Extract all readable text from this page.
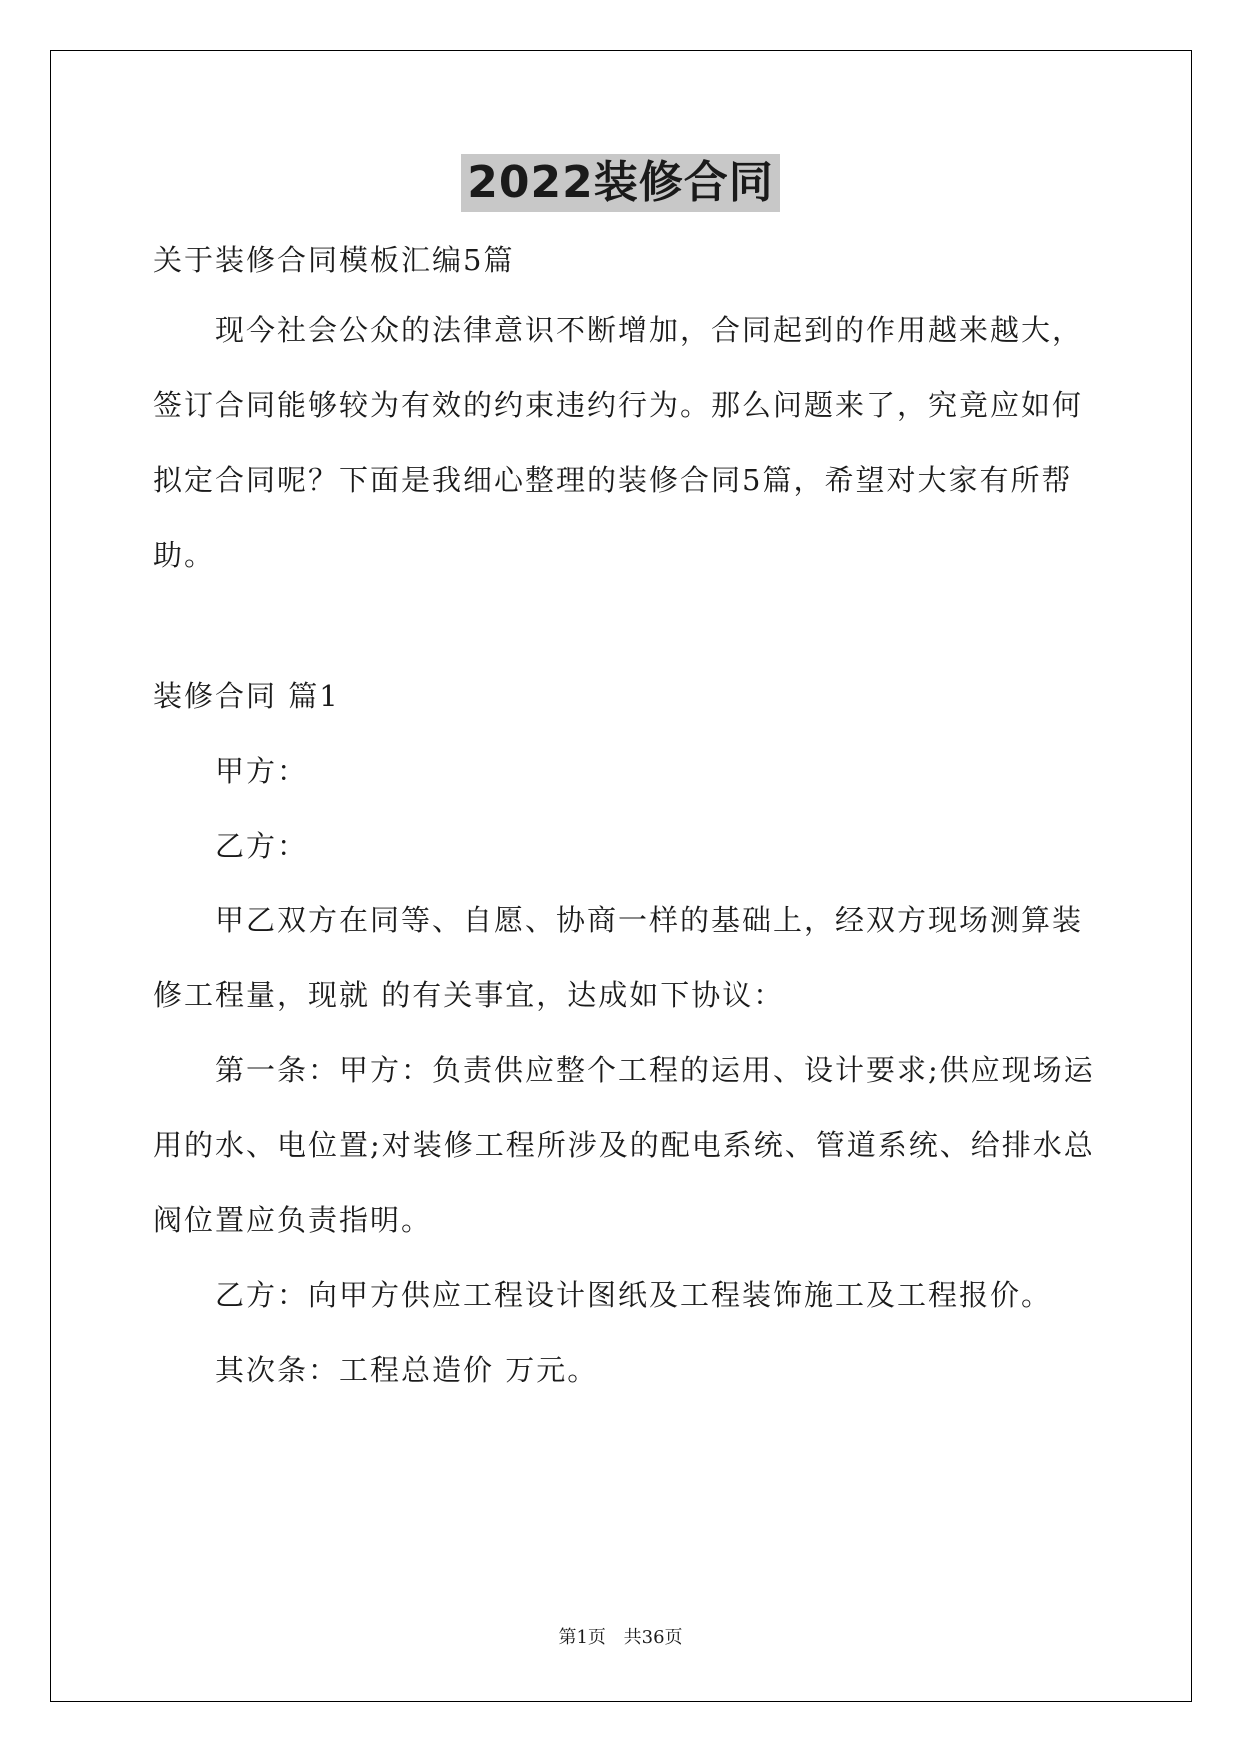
2022装修合同
关于装修合同模板汇编5篇
现今社会公众的法律意识不断增加，合同起到的作用越来越大，
签订合同能够较为有效的约束违约行为。那么问题来了，究竟应如何
拟定合同呢？下面是我细心整理的装修合同5篇，希望对大家有所帮
助。
装修合同 篇1
甲方：
乙方：
甲乙双方在同等、自愿、协商一样的基础上，经双方现场测算装
修工程量，现就 的有关事宜，达成如下协议：
第一条：甲方：负责供应整个工程的运用、设计要求;供应现场运
用的水、电位置;对装修工程所涉及的配电系统、管道系统、给排水总
阀位置应负责指明。
乙方：向甲方供应工程设计图纸及工程装饰施工及工程报价。
其次条：工程总造价 万元。
第1页 共36页
